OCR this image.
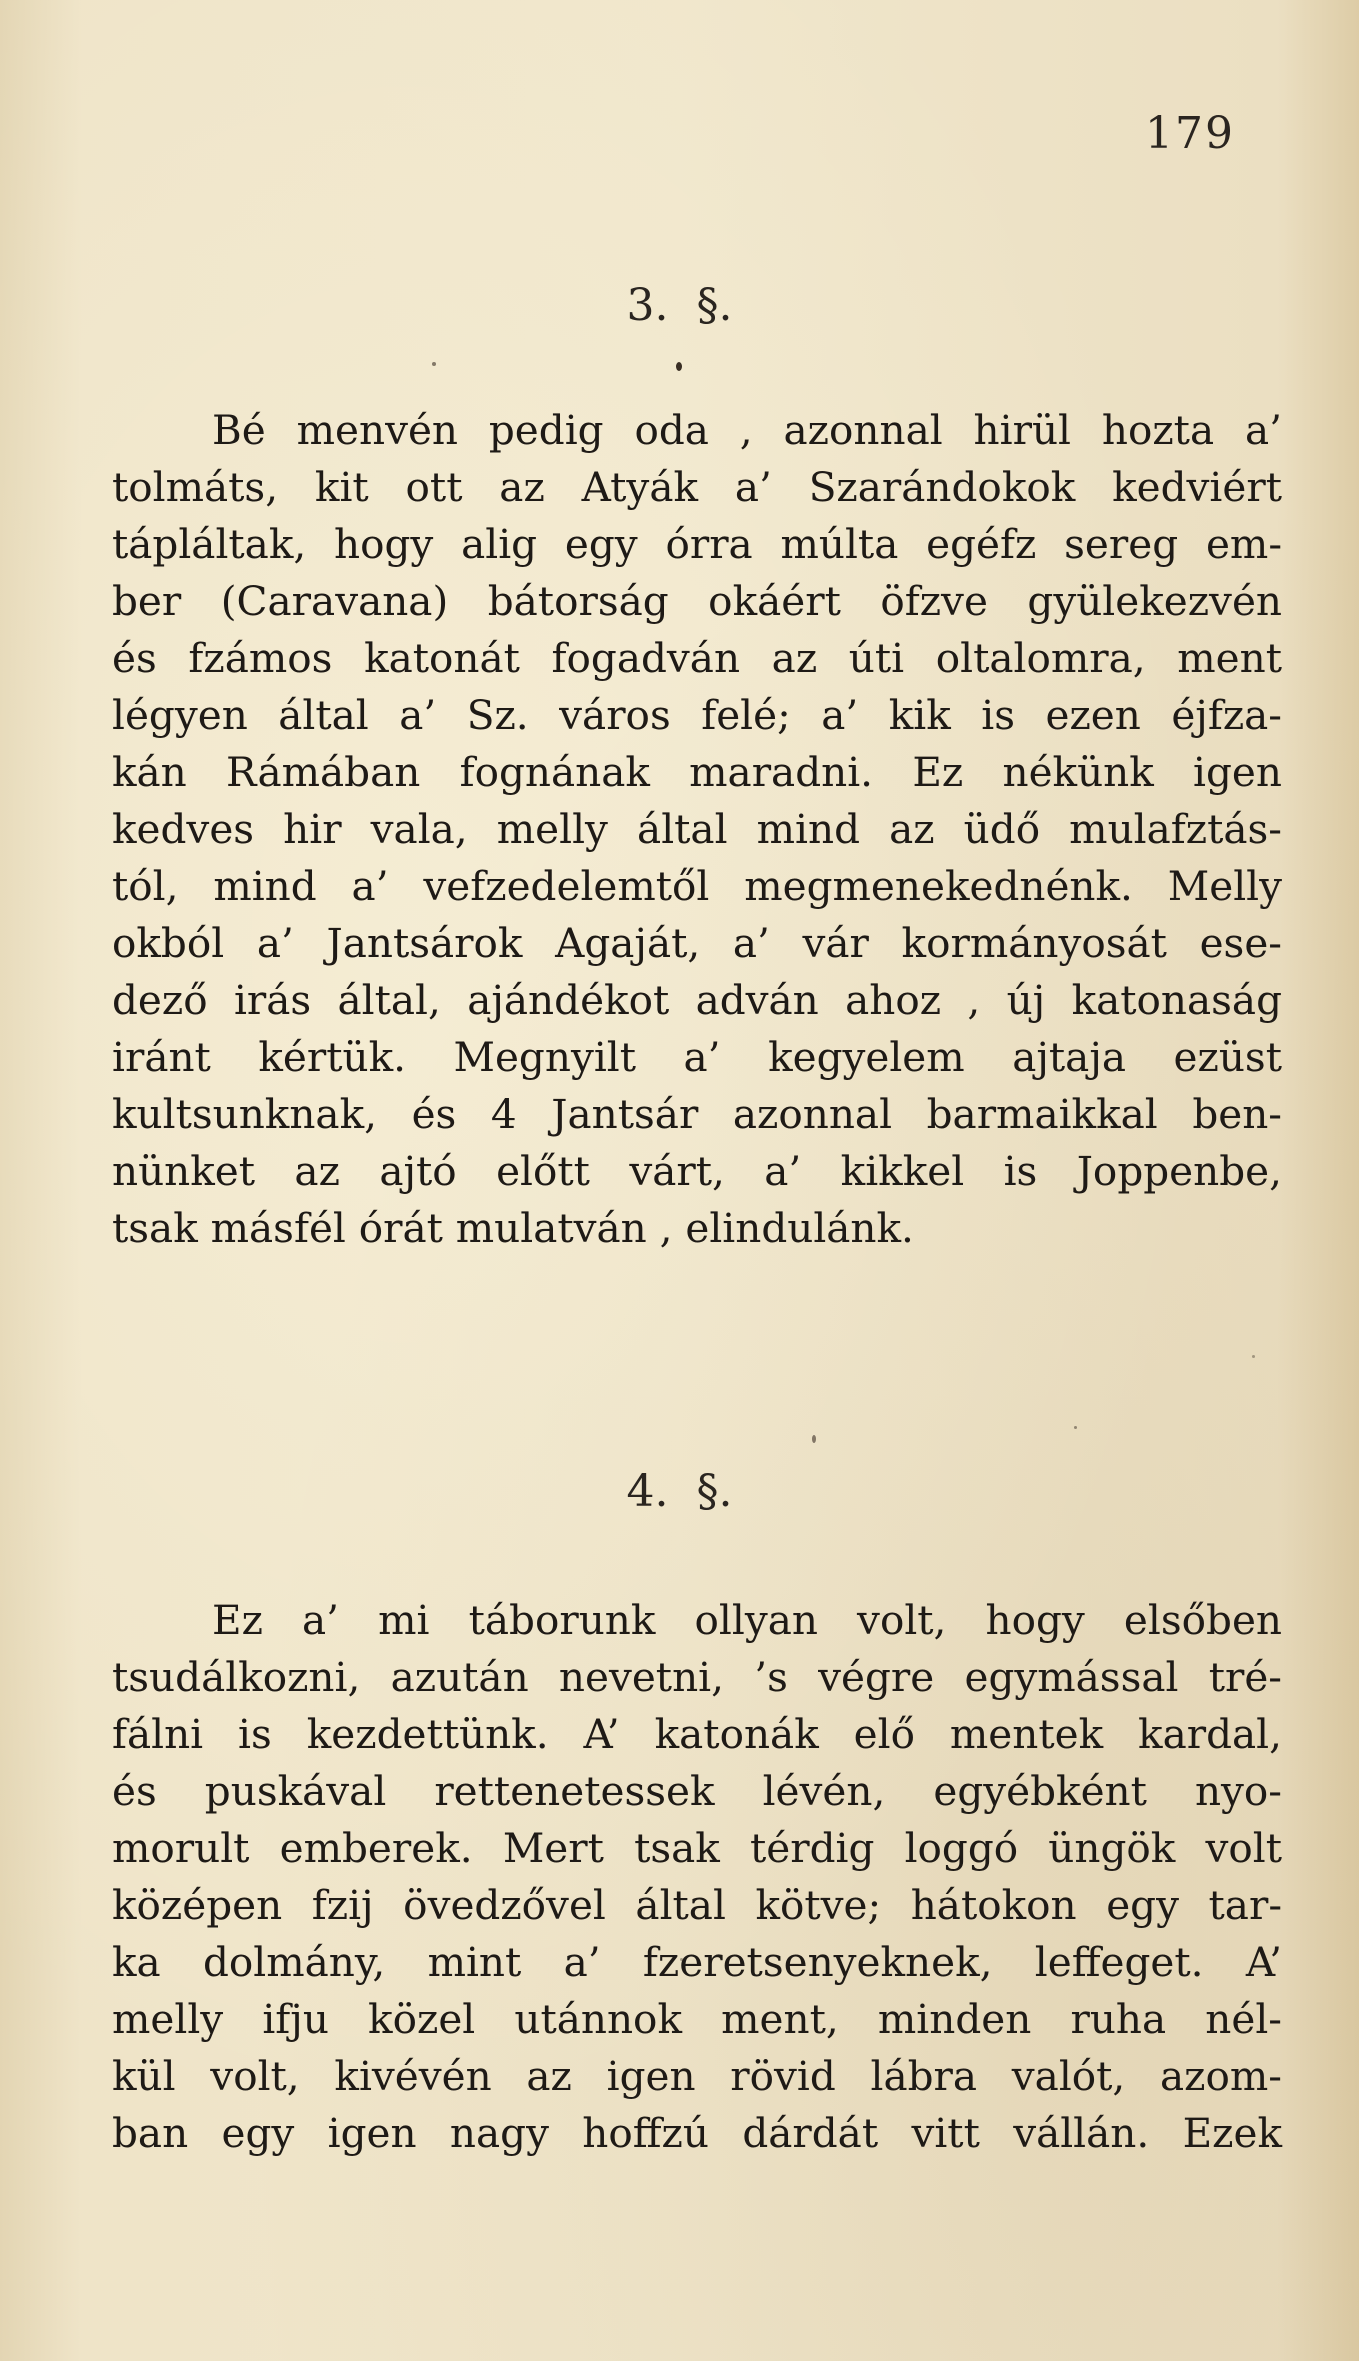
179
3. §.
Bé menvén pedig oda , azonnal hirül hozta a’
tolmáts, kit ott az Atyák a’ Szarándokok kedviért
tápláltak, hogy alig egy órra múlta egéfz sereg em-
ber (Caravana) bátorság okáért öfzve gyülekezvén
és fzámos katonát fogadván az úti oltalomra, ment
légyen által a’ Sz. város felé; a’ kik is ezen éjfza-
kán Rámában fognának maradni. Ez nékünk igen
kedves hir vala, melly által mind az üdő mulafztás-
tól, mind a’ vefzedelemtől megmenekednénk. Melly
okból a’ Jantsárok Agaját, a’ vár kormányosát ese-
dező irás által, ajándékot adván ahoz , új katonaság
iránt kértük. Megnyilt a’ kegyelem ajtaja ezüst
kultsunknak, és 4 Jantsár azonnal barmaikkal ben-
nünket az ajtó előtt várt, a’ kikkel is Joppenbe,
tsak másfél órát mulatván , elindulánk.
4. §.
Ez a’ mi táborunk ollyan volt, hogy elsőben
tsudálkozni, azután nevetni, ’s végre egymással tré-
fálni is kezdettünk. A’ katonák elő mentek kardal,
és puskával rettenetessek lévén, egyébként nyo-
morult emberek. Mert tsak térdig loggó üngök volt
középen fzij övedzővel által kötve; hátokon egy tar-
ka dolmány, mint a’ fzeretsenyeknek, leffeget. A’
melly ifju közel utánnok ment, minden ruha nél-
kül volt, kivévén az igen rövid lábra valót, azom-
ban egy igen nagy hoffzú dárdát vitt vállán. Ezek
